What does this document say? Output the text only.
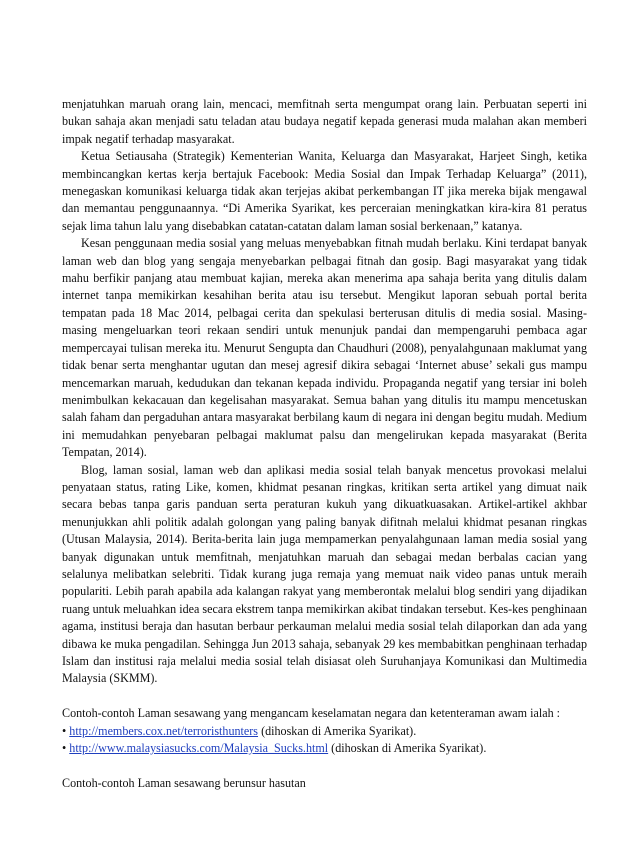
menjatuhkan maruah orang lain, mencaci, memfitnah serta mengumpat orang lain. Perbuatan seperti ini bukan sahaja akan menjadi satu teladan atau budaya negatif kepada generasi muda malahan akan memberi impak negatif terhadap masyarakat.

Ketua Setiausaha (Strategik) Kementerian Wanita, Keluarga dan Masyarakat, Harjeet Singh, ketika membincangkan kertas kerja bertajuk Facebook: Media Sosial dan Impak Terhadap Keluarga” (2011), menegaskan komunikasi keluarga tidak akan terjejas akibat perkembangan IT jika mereka bijak mengawal dan memantau penggunaannya. “Di Amerika Syarikat, kes perceraian meningkatkan kira-kira 81 peratus sejak lima tahun lalu yang disebabkan catatan-catatan dalam laman sosial berkenaan,” katanya.

Kesan penggunaan media sosial yang meluas menyebabkan fitnah mudah berlaku. Kini terdapat banyak laman web dan blog yang sengaja menyebarkan pelbagai fitnah dan gosip. Bagi masyarakat yang tidak mahu berfikir panjang atau membuat kajian, mereka akan menerima apa sahaja berita yang ditulis dalam internet tanpa memikirkan kesahihan berita atau isu tersebut. Mengikut laporan sebuah portal berita tempatan pada 18 Mac 2014, pelbagai cerita dan spekulasi berterusan ditulis di media sosial. Masing-masing mengeluarkan teori rekaan sendiri untuk menunjuk pandai dan mempengaruhi pembaca agar mempercayai tulisan mereka itu. Menurut Sengupta dan Chaudhuri (2008), penyalahgunaan maklumat yang tidak benar serta menghantar ugutan dan mesej agresif dikira sebagai ‘Internet abuse’ sekali gus mampu mencemarkan maruah, kedudukan dan tekanan kepada individu. Propaganda negatif yang tersiar ini boleh menimbulkan kekacauan dan kegelisahan masyarakat. Semua bahan yang ditulis itu mampu mencetuskan salah faham dan pergaduhan antara masyarakat berbilang kaum di negara ini dengan begitu mudah. Medium ini memudahkan penyebaran pelbagai maklumat palsu dan mengelirukan kepada masyarakat (Berita Tempatan, 2014).

Blog, laman sosial, laman web dan aplikasi media sosial telah banyak mencetus provokasi melalui penyataan status, rating Like, komen, khidmat pesanan ringkas, kritikan serta artikel yang dimuat naik secara bebas tanpa garis panduan serta peraturan kukuh yang dikuatkuasakan. Artikel-artikel akhbar menunjukkan ahli politik adalah golongan yang paling banyak difitnah melalui khidmat pesanan ringkas (Utusan Malaysia, 2014). Berita-berita lain juga mempamerkan penyalahgunaan laman media sosial yang banyak digunakan untuk memfitnah, menjatuhkan maruah dan sebagai medan berbalas cacian yang selalunya melibatkan selebriti. Tidak kurang juga remaja yang memuat naik video panas untuk meraih populariti. Lebih parah apabila ada kalangan rakyat yang memberontak melalui blog sendiri yang dijadikan ruang untuk meluahkan idea secara ekstrem tanpa memikirkan akibat tindakan tersebut. Kes-kes penghinaan agama, institusi beraja dan hasutan berbaur perkauman melalui media sosial telah dilaporkan dan ada yang dibawa ke muka pengadilan. Sehingga Jun 2013 sahaja, sebanyak 29 kes membabitkan penghinaan terhadap Islam dan institusi raja melalui media sosial telah disiasat oleh Suruhanjaya Komunikasi dan Multimedia Malaysia (SKMM).

Contoh-contoh Laman sesawang yang mengancam keselamatan negara dan ketenteraman awam ialah :

• http://members.cox.net/terroristhunters (dihoskan di Amerika Syarikat).

• http://www.malaysiasucks.com/Malaysia_Sucks.html (dihoskan di Amerika Syarikat).

Contoh-contoh Laman sesawang berunsur hasutan
